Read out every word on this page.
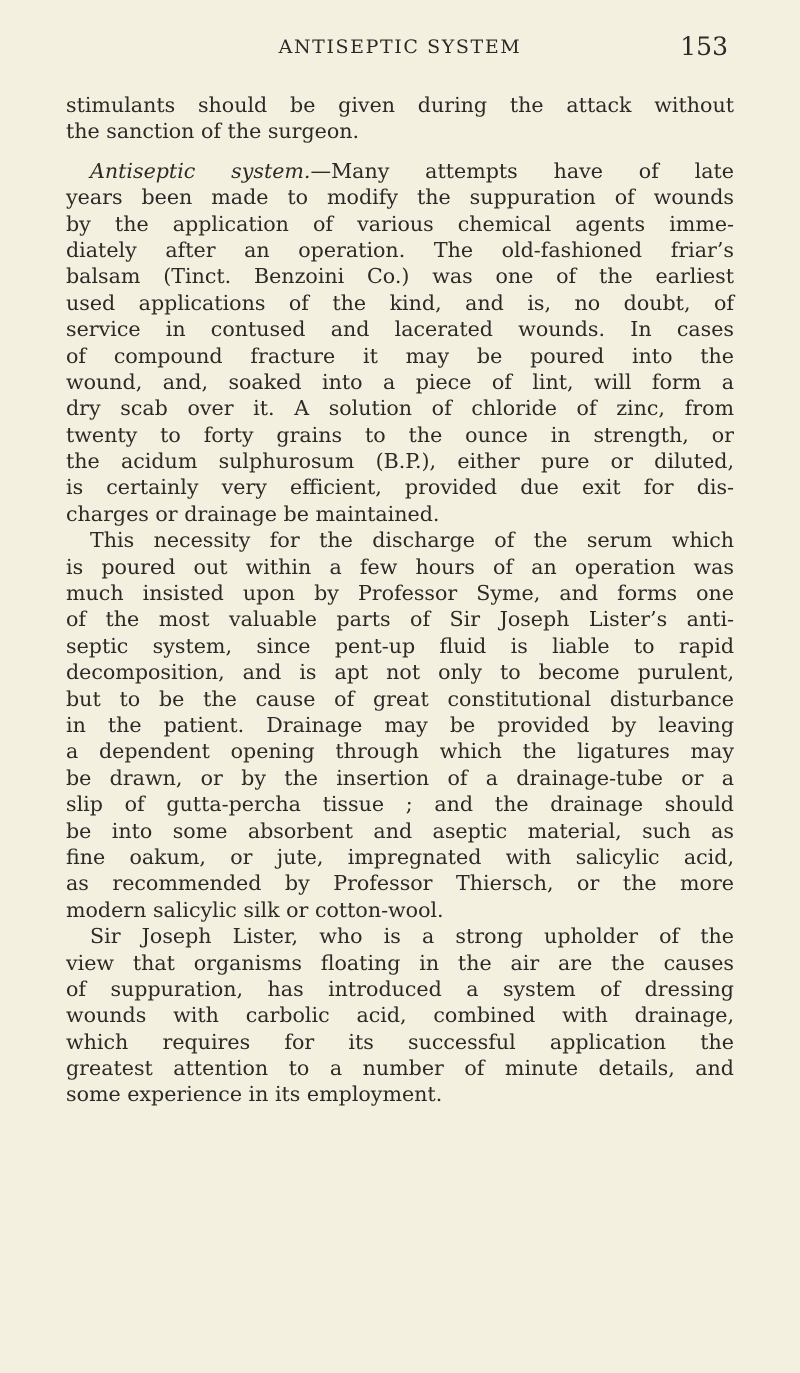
ANTISEPTIC SYSTEM	153
stimulants should be given during the attack without
the sanction of the surgeon.
Antiseptic system.—Many attempts have of late
years been made to modify the suppuration of wounds
by the application of various chemical agents imme-
diately after an operation. The old-fashioned friar’s
balsam (Tinct. Benzoini Co.) was one of the earliest
used applications of the kind, and is, no doubt, of
service in contused and lacerated wounds. In cases
of compound fracture it may be poured into the
wound, and, soaked into a piece of lint, will form a
dry scab over it. A solution of chloride of zinc, from
twenty to forty grains to the ounce in strength, or
the acidum sulphurosum (B.P.), either pure or diluted,
is certainly very efficient, provided due exit for dis-
charges or drainage be maintained.
This necessity for the discharge of the serum which
is poured out within a few hours of an operation was
much insisted upon by Professor Syme, and forms one
of the most valuable parts of Sir Joseph Lister’s anti-
septic system, since pent-up fluid is liable to rapid
decomposition, and is apt not only to become purulent,
but to be the cause of great constitutional disturbance
in the patient. Drainage may be provided by leaving
a dependent opening through which the ligatures may
be drawn, or by the insertion of a drainage-tube or a
slip of gutta-percha tissue ; and the drainage should
be into some absorbent and aseptic material, such as
fine oakum, or jute, impregnated with salicylic acid,
as recommended by Professor Thiersch, or the more
modern salicylic silk or cotton-wool.
Sir Joseph Lister, who is a strong upholder of the
view that organisms floating in the air are the causes
of suppuration, has introduced a system of dressing
wounds with carbolic acid, combined with drainage,
which requires for its successful application the
greatest attention to a number of minute details, and
some experience in its employment.
